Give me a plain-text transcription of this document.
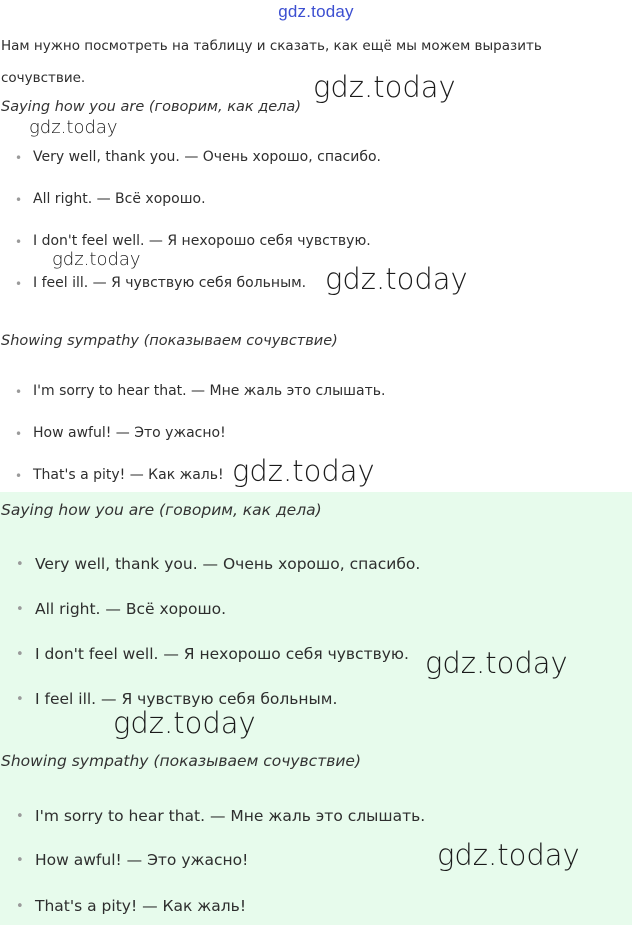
gdz.today

Нам нужно посмотреть на таблицу и сказать, как ещё мы можем выразить сочувствие.

Saying how you are (говорим, как дела)
• Very well, thank you. — Очень хорошо, спасибо.
• All right. — Всё хорошо.
• I don't feel well. — Я нехорошо себя чувствую.
• I feel ill. — Я чувствую себя больным.
Showing sympathy (показываем сочувствие)
• I'm sorry to hear that. — Мне жаль это слышать.
• How awful! — Это ужасно!
• That's a pity! — Как жаль!
Saying how you are (говорим, как дела)
• Very well, thank you. — Очень хорошо, спасибо.
• All right. — Всё хорошо.
• I don't feel well. — Я нехорошо себя чувствую.
• I feel ill. — Я чувствую себя больным.
Showing sympathy (показываем сочувствие)
• I'm sorry to hear that. — Мне жаль это слышать.
• How awful! — Это ужасно!
• That's a pity! — Как жаль!
gdz.today
gdz.today
gdz.today
gdz.today
gdz.today
gdz.today
gdz.today
gdz.today
